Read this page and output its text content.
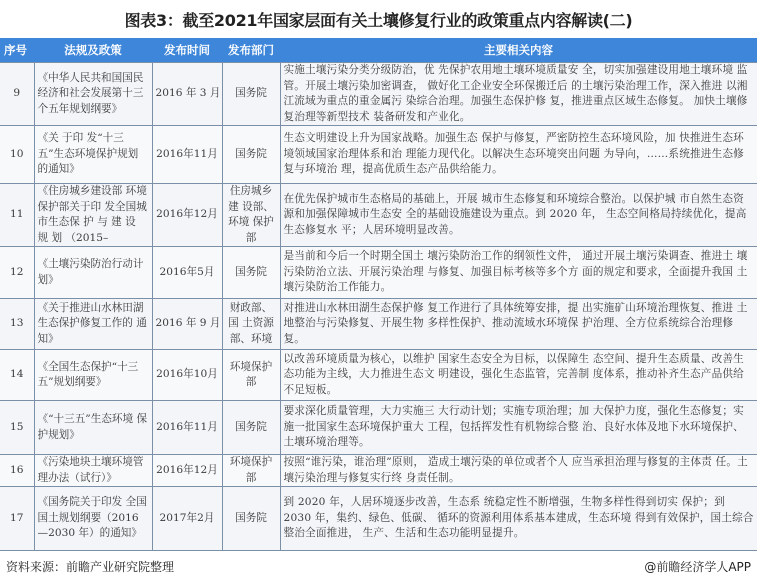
图表3：截至2021年国家层面有关土壤修复行业的政策重点内容解读(二)
序号	法规及政策	发布时间	发布部门	主要相关内容
9	《中华人民共和国国民经济和社会发展第十三个五年规划纲要》	2016 年 3 月	国务院	实施土壤污染分类分级防治，优 先保护农用地土壤环境质量安 全，切实加强建设用地土壤环境 监管。开展土壤污染加密调查， 做好化工企业安全环保搬迁后 的土壤污染治理工作，深入推进 以湘江流域为重点的重金属污 染综合治理。加强生态保护修 复，推进重点区域生态修复。 加快土壤修复治理等新型技术 装备研发和产业化。
10	《关 于印 发“十三五”生态环境保护规划的通知》	2016年11月	国务院	生态文明建设上升为国家战略。加强生态 保护与修复，严密防控生态环境风险，加 快推进生态环境领域国家治理体系和治 理能力现代化。以解决生态环境突出问题 为导向，……系统推进生态修复与环境治 理，提高优质生态产品供给能力。
11	《住房城乡建设部 环境保护部关于印 发全国城市生态保 护 与 建 设 规 划 （2015–	2016年12月	住房城乡建 设部、环境 保护部	在优先保护城市生态格局的基础上，开展 城市生态修复和环境综合整治。以保护城 市自然生态资源和加强保障城市生态安 全的基础设施建设为重点。到 2020 年， 生态空间格局持续优化，提高生态修复水 平；人居环境明显改善。
12	《土壤污染防治行动计划》	2016年5月	国务院	是当前和今后一个时期全国土 壤污染防治工作的纲领性文件， 通过开展土壤污染调查、推进土 壤污染防治立法、开展污染治理 与修复、加强目标考核等多个方 面的规定和要求，全面提升我国 土壤污染防治工作能力。
13	《关于推进山水林田湖 生态保护修复工作的 通知》	2016 年 9 月	财政部、国 土资源部、环境	对推进山水林田湖生态保护修 复工作进行了具体统筹安排，提 出实施矿山环境治理恢复、推进 土地整治与污染修复、开展生物 多样性保护、推动流域水环境保 护治理、全方位系统综合治理修复。
14	《全国生态保护“十三五”规划纲要》	2016年10月	环境保护部	以改善环境质量为核心，以维护 国家生态安全为目标，以保障生 态空间、提升生态质量、改善生 态功能为主线，大力推进生态文 明建设，强化生态监管，完善制 度体系，推动补齐生态产品供给 不足短板。
15	《“十三五”生态环境 保护规划》	2016年11月	国务院	要求深化质量管理，大力实施三 大行动计划；实施专项治理；加 大保护力度，强化生态修复；实 施一批国家生态环境保护重大 工程，包括挥发性有机物综合整 治、良好水体及地下水环境保护、土壤环境治理等。
16	《污染地块土壤环境管 理办法（试行）》	2016年12月	环境保护部	按照“谁污染，谁治理”原则， 造成土壤污染的单位或者个人 应当承担治理与修复的主体责 任。土壤污染治理与修复实行终 身责任制。
17	《国务院关于印发 全国国土规划纲要（2016—2030 年）的通知》	2017年2月	国务院	到 2020 年，人居环境逐步改善，生态系 统稳定性不断增强，生物多样性得到切实 保护；到 2030 年，集约、绿色、低碳、 循环的资源利用体系基本建成，生态环境 得到有效保护，国土综合整治全面推进， 生产、生活和生态功能明显提升。
资料来源：前瞻产业研究院整理	@前瞻经济学人APP
